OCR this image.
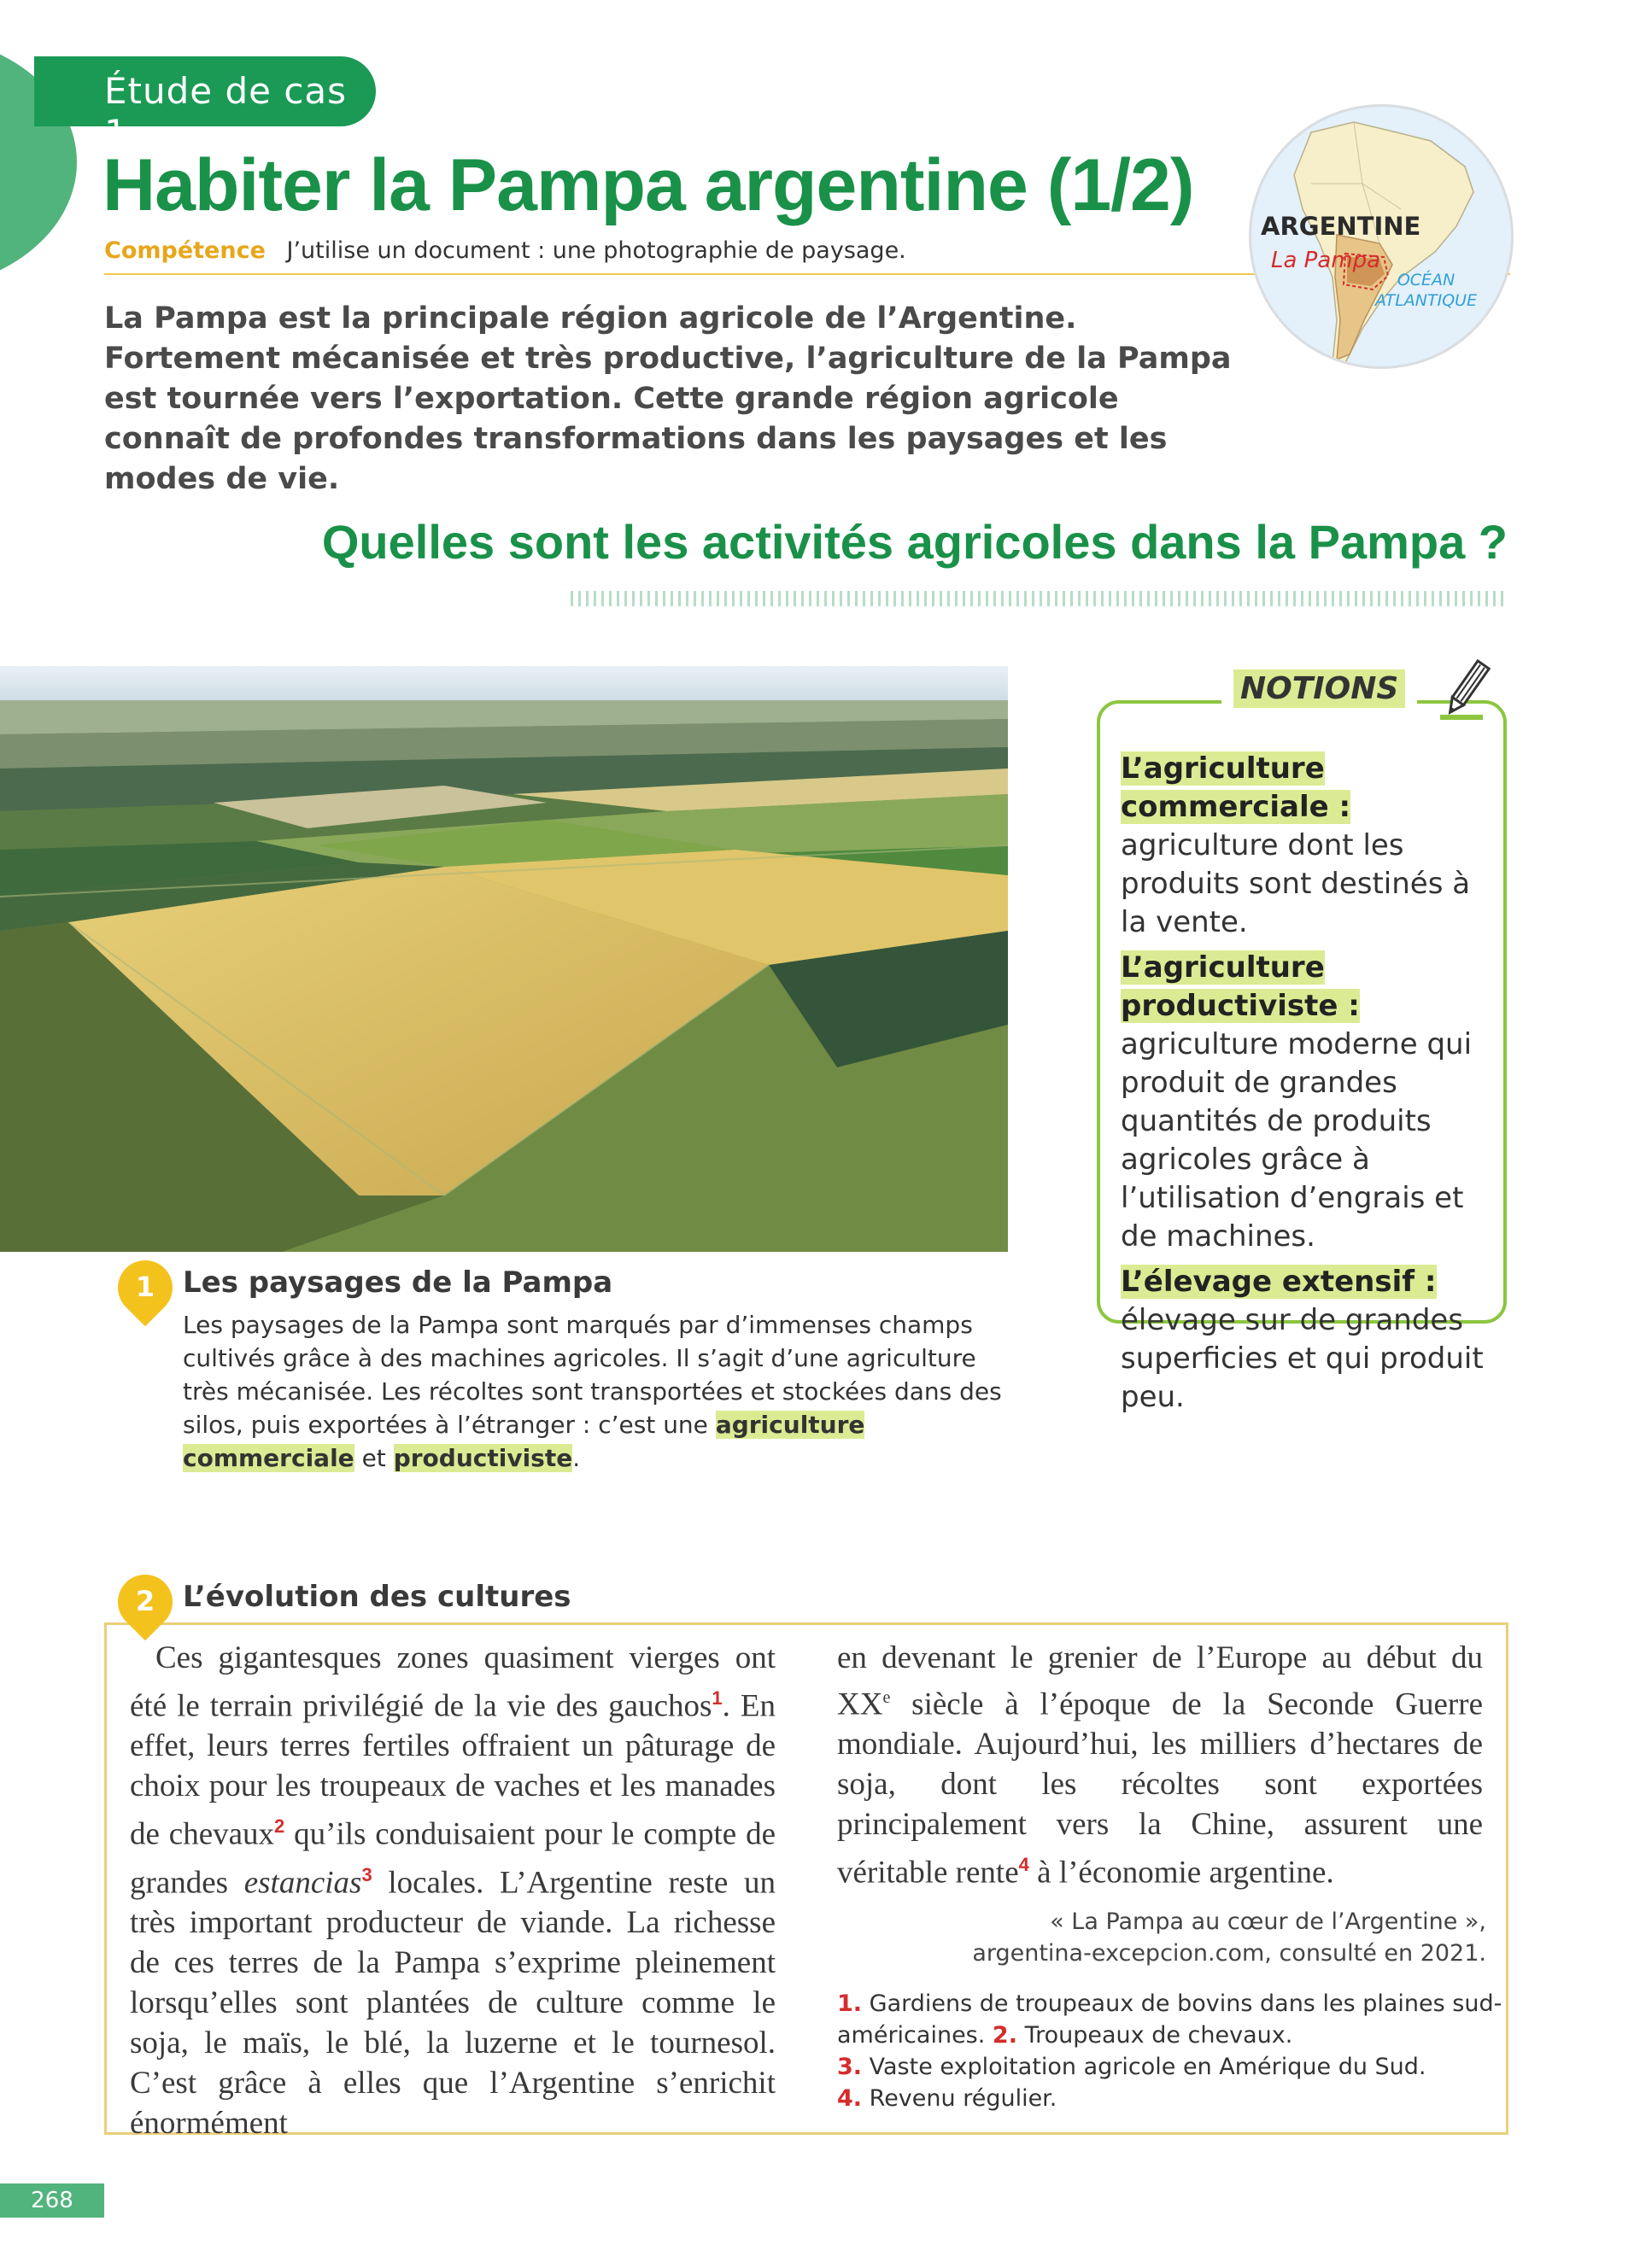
Étude de cas 1
Habiter la Pampa argentine (1/2)
Compétence J’utilise un document : une photographie de paysage.
ARGENTINE
La Pampa
OCÉAN
ATLANTIQUE
La Pampa est la principale région agricole de l’Argentine. Fortement mécanisée et très productive, l’agriculture de la Pampa est tournée vers l’exportation. Cette grande région agricole connaît de profondes transformations dans les paysages et les modes de vie.
Quelles sont les activités agricoles dans la Pampa ?
NOTIONS

L’agriculture commerciale : agriculture dont les produits sont destinés à la vente.

L’agriculture productiviste : agriculture moderne qui produit de grandes quantités de produits agricoles grâce à l’utilisation d’engrais et de machines.

L’élevage extensif : élevage sur de grandes superficies et qui produit peu.

1 Les paysages de la Pampa
Les paysages de la Pampa sont marqués par d’immenses champs cultivés grâce à des machines agricoles. Il s’agit d’une agriculture très mécanisée. Les récoltes sont transportées et stockées dans des silos, puis exportées à l’étranger : c’est une agriculture commerciale et productiviste.
2 L’évolution des cultures
Ces gigantesques zones quasiment vierges ont été le terrain privilégié de la vie des gauchos$^1$. En effet, leurs terres fertiles offraient un pâturage de choix pour les troupeaux de vaches et les manades de chevaux$^2$ qu’ils conduisaient pour le compte de grandes estancias$^3$ locales. L’Argentine reste un très important producteur de viande. La richesse de ces terres de la Pampa s’exprime pleinement lorsqu’elles sont plantées de culture comme le soja, le maïs, le blé, la luzerne et le tournesol. C’est grâce à elles que l’Argentine s’enrichit énormément
en devenant le grenier de l’Europe au début du XXe siècle à l’époque de la Seconde Guerre mondiale. Aujourd’hui, les milliers d’hectares de soja, dont les récoltes sont exportées principalement vers la Chine, assurent une véritable rente$^4$ à l’économie argentine.
« La Pampa au cœur de l’Argentine »,
argentina-excepcion.com, consulté en 2021.
1. Gardiens de troupeaux de bovins dans les plaines sud-américaines. 2. Troupeaux de chevaux.
3. Vaste exploitation agricole en Amérique du Sud.
4. Revenu régulier.
268
